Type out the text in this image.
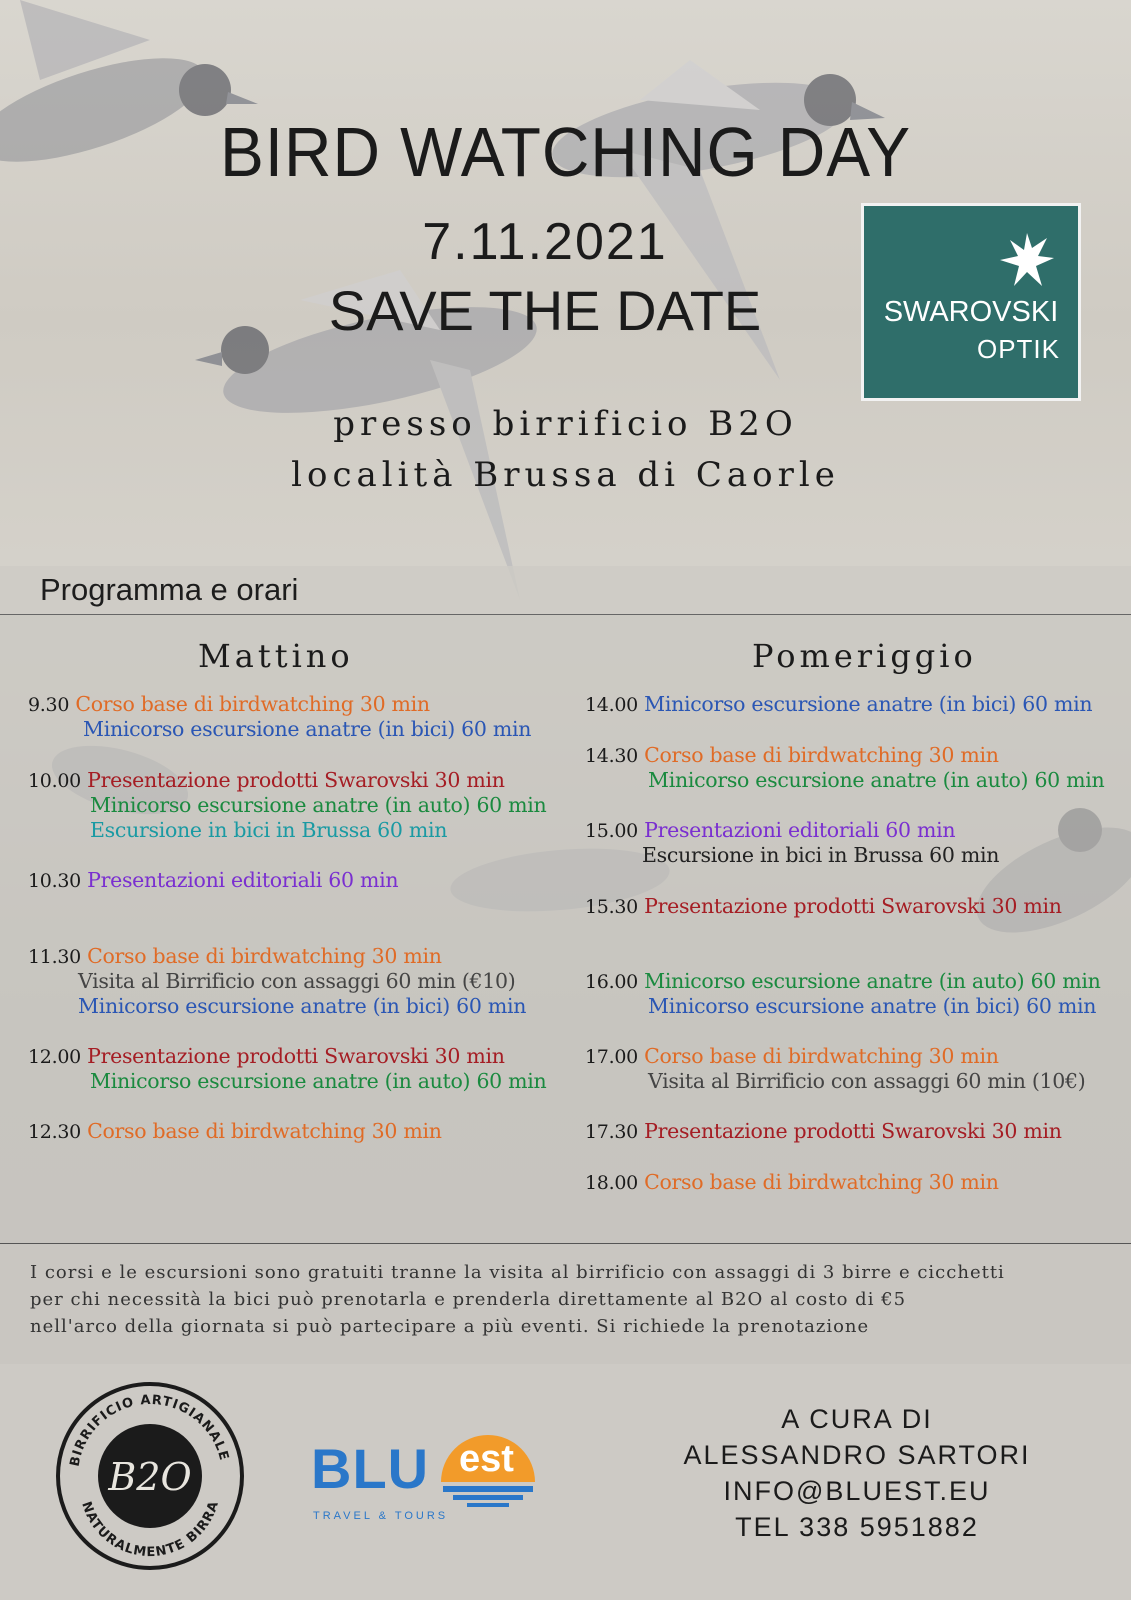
BIRD WATCHING DAY
7.11.2021
SAVE THE DATE	SWAROVSKI
OPTIK
presso birrificio B2O
località Brussa di Caorle
Programma e orari
Mattino	Pomeriggio
9.30 Corso base di birdwatching 30 min
Minicorso escursione anatre (in bici) 60 min
10.00 Presentazione prodotti Swarovski 30 min
Minicorso escursione anatre (in auto) 60 min
Escursione in bici in Brussa 60 min
10.30 Presentazioni editoriali 60 min
11.30 Corso base di birdwatching 30 min
Visita al Birrificio con assaggi 60 min (€10)
Minicorso escursione anatre (in bici) 60 min
12.00 Presentazione prodotti Swarovski 30 min
Minicorso escursione anatre (in auto) 60 min
12.30 Corso base di birdwatching 30 min
14.00 Minicorso escursione anatre (in bici) 60 min
14.30 Corso base di birdwatching 30 min
Minicorso escursione anatre (in auto) 60 min
15.00 Presentazioni editoriali 60 min
Escursione in bici in Brussa 60 min
15.30 Presentazione prodotti Swarovski 30 min
16.00 Minicorso escursione anatre (in auto) 60 min
Minicorso escursione anatre (in bici) 60 min
17.00 Corso base di birdwatching 30 min
Visita al Birrificio con assaggi 60 min (10€)
17.30 Presentazione prodotti Swarovski 30 min
18.00 Corso base di birdwatching 30 min

I corsi e le escursioni sono gratuiti tranne la visita al birrificio con assaggi di 3 birre e cicchetti

per chi necessità la bici può prenotarla e prenderla direttamente al B2O al costo di €5

nell'arco della giornata si può partecipare a più eventi. Si richiede la prenotazione

BIRRIFICIO ARTIGIANALE
NATURALMENTE BIRRA
B2O BLU est
TRAVEL & TOURS
A CURA DI
ALESSANDRO SARTORI
INFO@BLUEST.EU
TEL 338 5951882
